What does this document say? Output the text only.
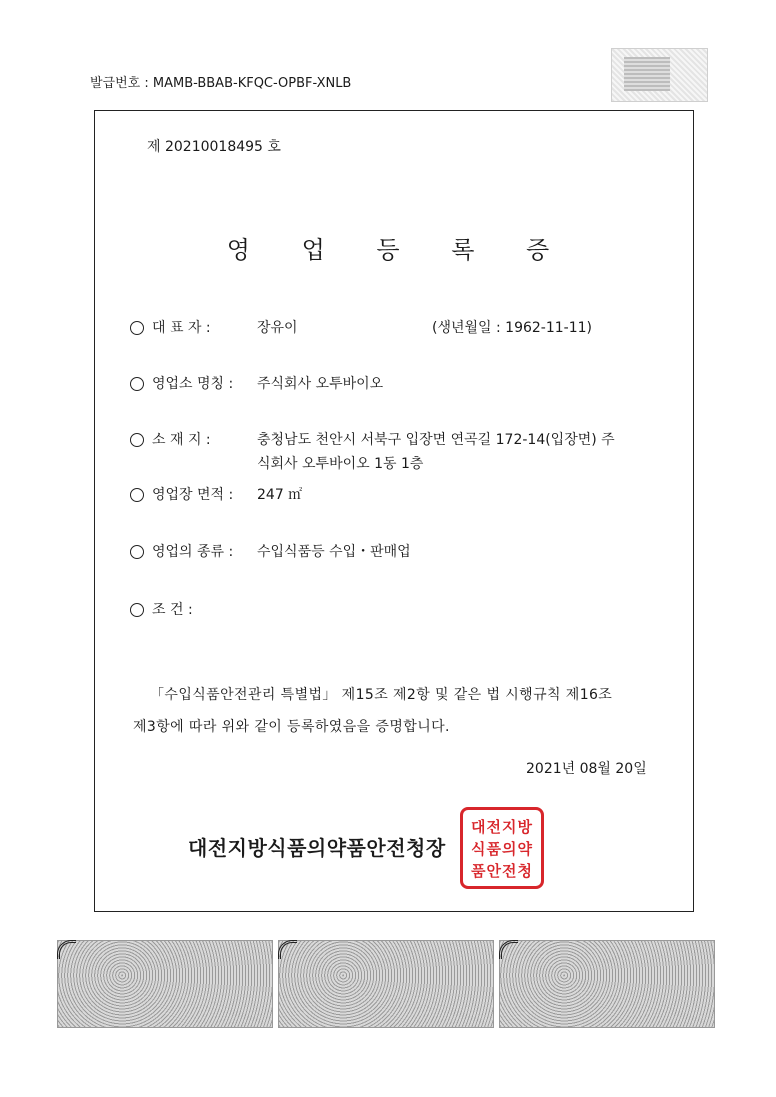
발급번호 : MAMB-BBAB-KFQC-OPBF-XNLB
제 20210018495 호
영 업 등 록 증
대 표 자 :	장유이	(생년월일 : 1962-11-11)
영업소 명칭 : 주식회사 오투바이오
소 재 지 :	충청남도 천안시 서북구 입장면 연곡길 172-14(입장면) 주
식회사 오투바이오 1동 1층
영업장 면적 : 247 ㎡
영업의 종류 : 수입식품등 수입・판매업
조 건 :
「수입식품안전관리 특별법」 제15조 제2항 및 같은 법 시행규칙 제16조
제3항에 따라 위와 같이 등록하였음을 증명합니다.
2021년 08월 20일
대전지방식품의약품안전청장
대전지방
식품의약
품안전청
